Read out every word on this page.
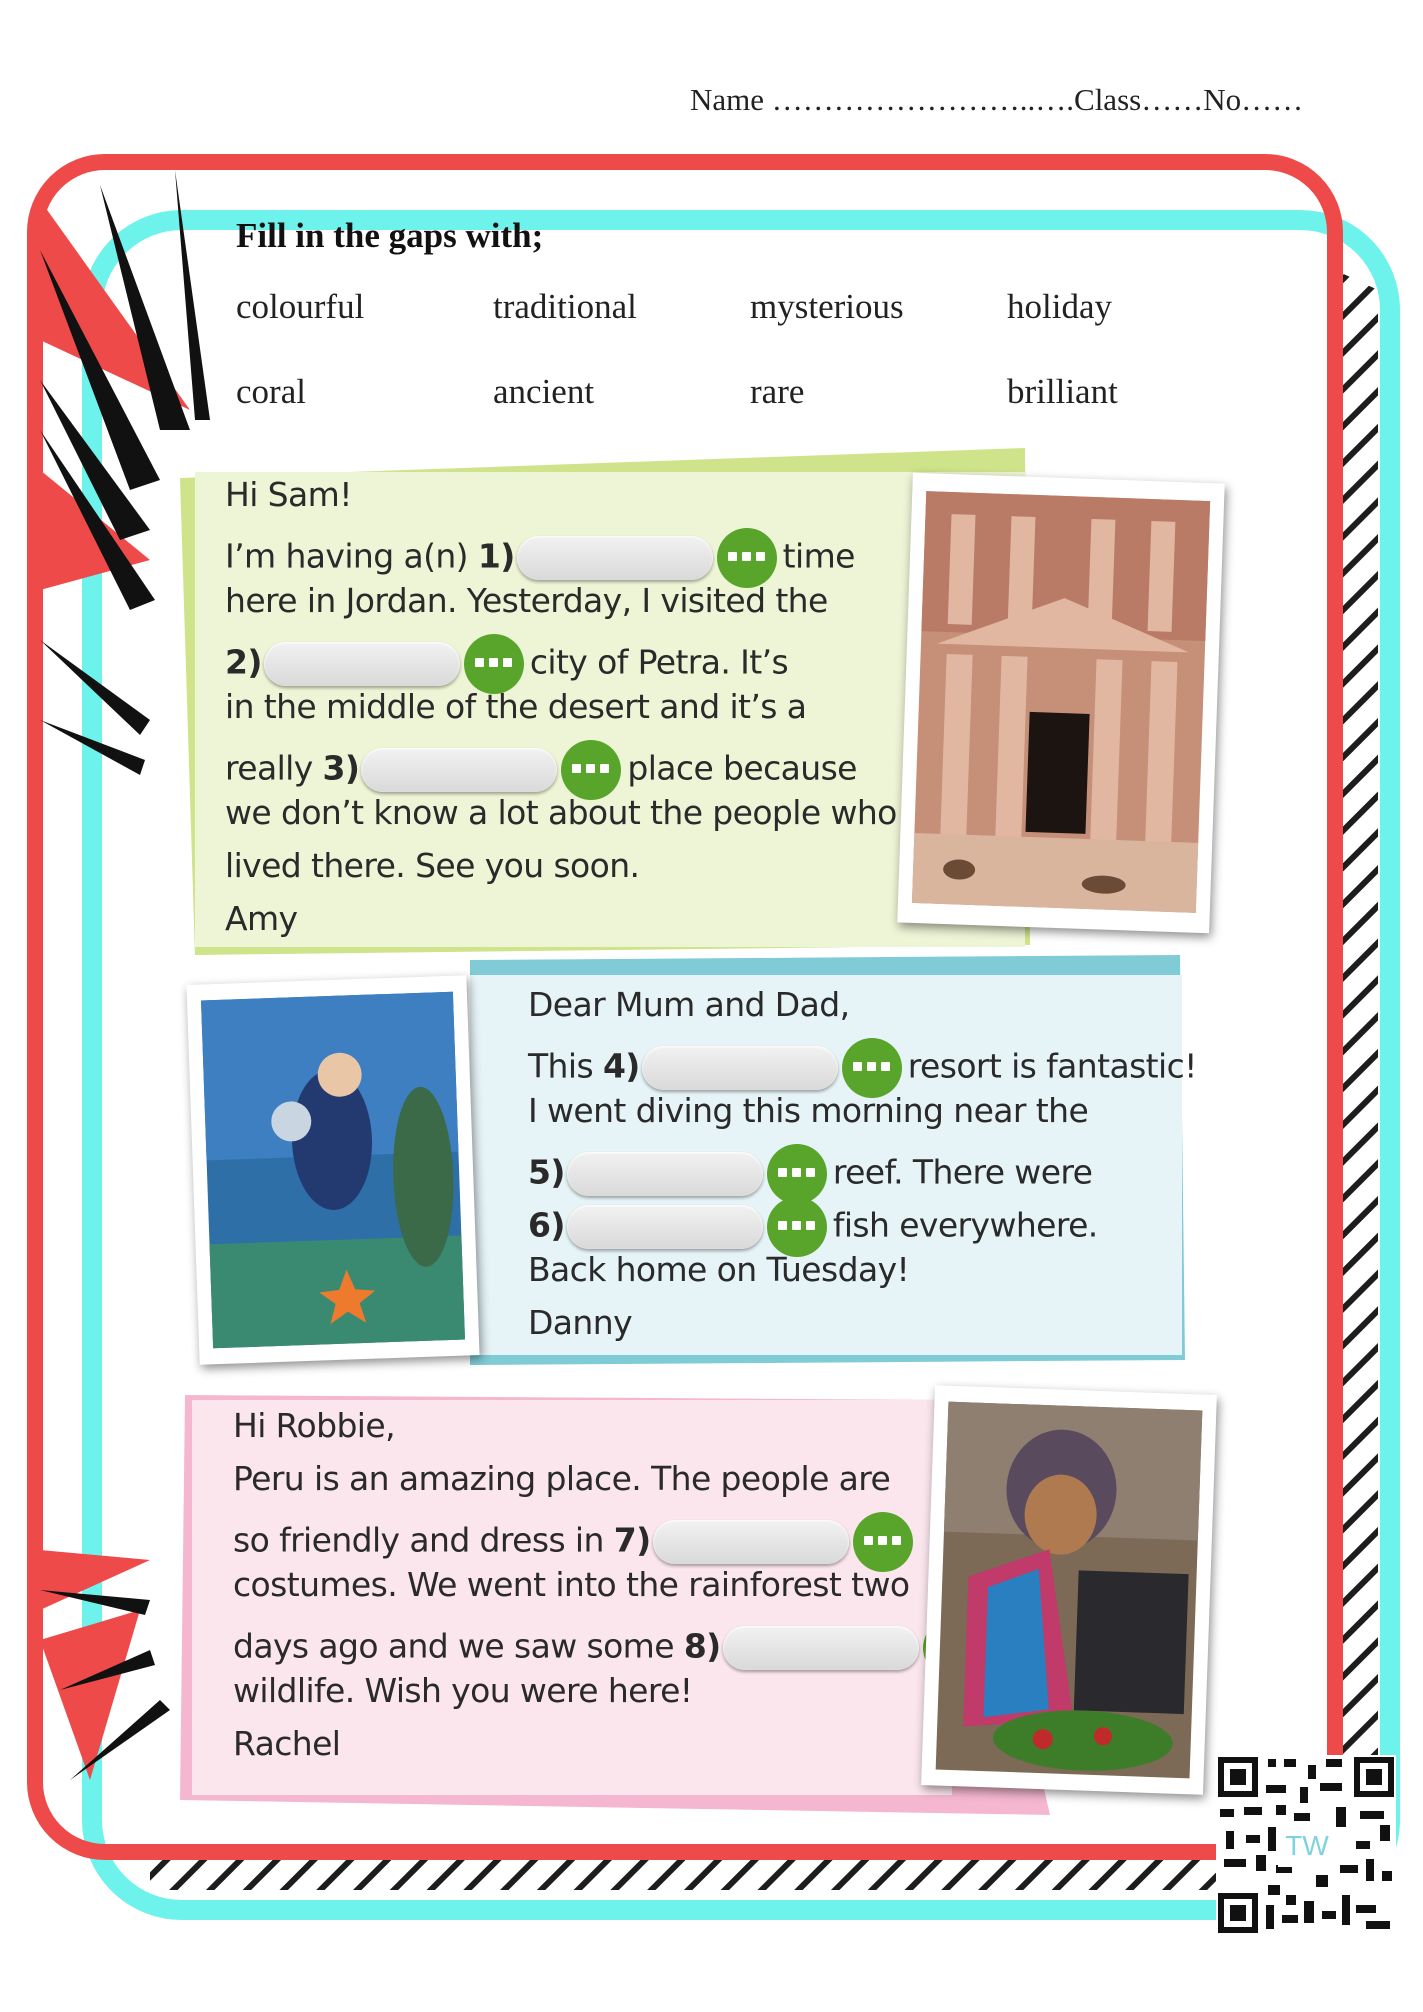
Name ……………………..….Class……No……
Fill in the gaps with;
colourful	traditional	mysterious	holiday
coral	ancient	rare	brilliant
Hi Sam!
I’m having a(n) 1)	time
here in Jordan. Yesterday, I visited the
2)	city of Petra. It’s
in the middle of the desert and it’s a
really 3)	place because
we don’t know a lot about the people who
lived there. See you soon.
Amy
Dear Mum and Dad,
This 4)	resort is fantastic!
I went diving this morning near the
5)	reef. There were
6)	fish everywhere.
Back home on Tuesday!
Danny
Hi Robbie,
Peru is an amazing place. The people are
so friendly and dress in 7)
costumes. We went into the rainforest two
days ago and we saw some 8)
wildlife. Wish you were here!
Rachel
TW
